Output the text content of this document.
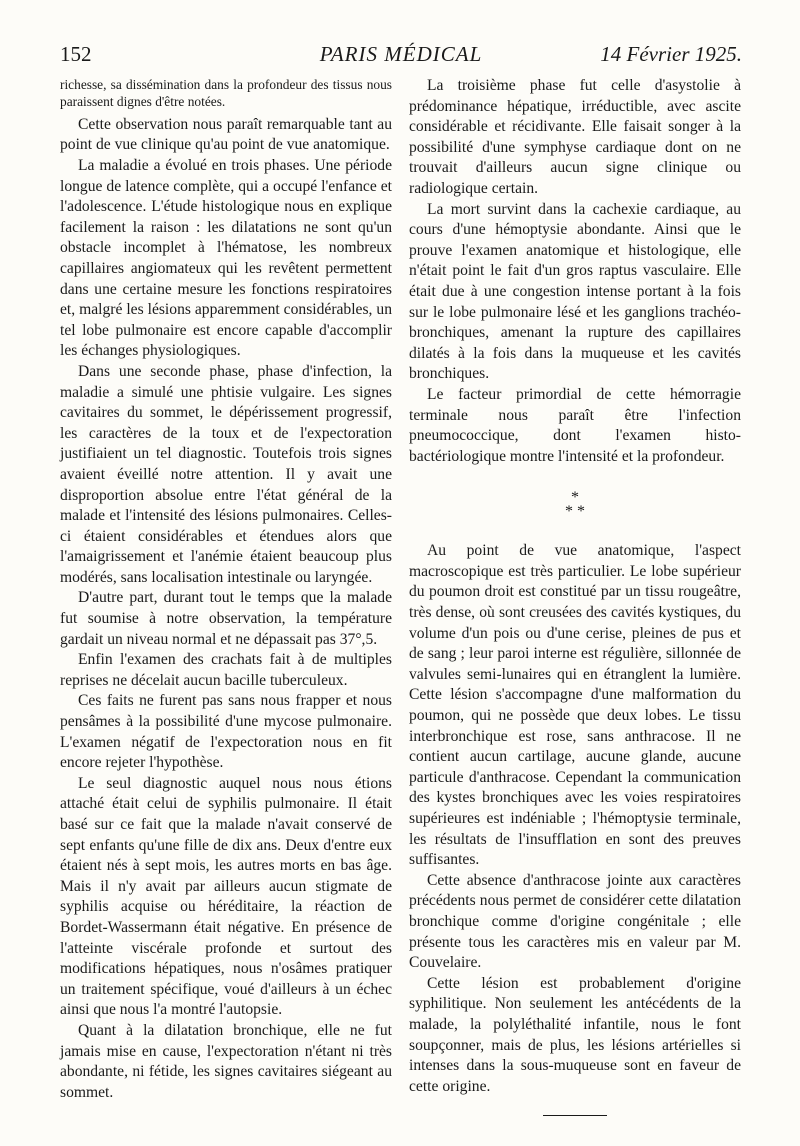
152	PARIS MÉDICAL	14 Février 1925.

richesse, sa dissémination dans la profondeur des tissus nous paraissent dignes d'être notées.

Cette observation nous paraît remarquable tant au point de vue clinique qu'au point de vue anatomique.

La maladie a évolué en trois phases. Une période longue de latence complète, qui a occupé l'enfance et l'adolescence. L'étude histologique nous en explique facilement la raison : les dilatations ne sont qu'un obstacle incomplet à l'hématose, les nombreux capillaires angiomateux qui les revêtent permettent dans une certaine mesure les fonctions respiratoires et, malgré les lésions apparemment considérables, un tel lobe pulmonaire est encore capable d'accomplir les échanges physiologiques.

Dans une seconde phase, phase d'infection, la maladie a simulé une phtisie vulgaire. Les signes cavitaires du sommet, le dépérissement progressif, les caractères de la toux et de l'expectoration justifiaient un tel diagnostic. Toutefois trois signes avaient éveillé notre attention. Il y avait une disproportion absolue entre l'état général de la malade et l'intensité des lésions pulmonaires. Celles-ci étaient considérables et étendues alors que l'amaigrissement et l'anémie étaient beaucoup plus modérés, sans localisation intestinale ou laryngée.

D'autre part, durant tout le temps que la malade fut soumise à notre observation, la température gardait un niveau normal et ne dépassait pas 37°,5.

Enfin l'examen des crachats fait à de multiples reprises ne décelait aucun bacille tuberculeux.

Ces faits ne furent pas sans nous frapper et nous pensâmes à la possibilité d'une mycose pulmonaire. L'examen négatif de l'expectoration nous en fit encore rejeter l'hypothèse.

Le seul diagnostic auquel nous nous étions attaché était celui de syphilis pulmonaire. Il était basé sur ce fait que la malade n'avait conservé de sept enfants qu'une fille de dix ans. Deux d'entre eux étaient nés à sept mois, les autres morts en bas âge. Mais il n'y avait par ailleurs aucun stigmate de syphilis acquise ou héréditaire, la réaction de Bordet-Wassermann était négative. En présence de l'atteinte viscérale profonde et surtout des modifications hépatiques, nous n'osâmes pratiquer un traitement spécifique, voué d'ailleurs à un échec ainsi que nous l'a montré l'autopsie.

Quant à la dilatation bronchique, elle ne fut jamais mise en cause, l'expectoration n'étant ni très abondante, ni fétide, les signes cavitaires siégeant au sommet.

La troisième phase fut celle d'asystolie à prédominance hépatique, irréductible, avec ascite considérable et récidivante. Elle faisait songer à la possibilité d'une symphyse cardiaque dont on ne trouvait d'ailleurs aucun signe clinique ou radiologique certain.

La mort survint dans la cachexie cardiaque, au cours d'une hémoptysie abondante. Ainsi que le prouve l'examen anatomique et histologique, elle n'était point le fait d'un gros raptus vasculaire. Elle était due à une congestion intense portant à la fois sur le lobe pulmonaire lésé et les ganglions trachéo-bronchiques, amenant la rupture des capillaires dilatés à la fois dans la muqueuse et les cavités bronchiques.

Le facteur primordial de cette hémorragie terminale nous paraît être l'infection pneumococcique, dont l'examen histo-bactériologique montre l'intensité et la profondeur.

*
* *

Au point de vue anatomique, l'aspect macroscopique est très particulier. Le lobe supérieur du poumon droit est constitué par un tissu rougeâtre, très dense, où sont creusées des cavités kystiques, du volume d'un pois ou d'une cerise, pleines de pus et de sang ; leur paroi interne est régulière, sillonnée de valvules semi-lunaires qui en étranglent la lumière. Cette lésion s'accompagne d'une malformation du poumon, qui ne possède que deux lobes. Le tissu interbronchique est rose, sans anthracose. Il ne contient aucun cartilage, aucune glande, aucune particule d'anthracose. Cependant la communication des kystes bronchiques avec les voies respiratoires supérieures est indéniable ; l'hémoptysie terminale, les résultats de l'insufflation en sont des preuves suffisantes.

Cette absence d'anthracose jointe aux caractères précédents nous permet de considérer cette dilatation bronchique comme d'origine congénitale ; elle présente tous les caractères mis en valeur par M. Couvelaire.

Cette lésion est probablement d'origine syphilitique. Non seulement les antécédents de la malade, la polyléthalité infantile, nous le font soupçonner, mais de plus, les lésions artérielles si intenses dans la sous-muqueuse sont en faveur de cette origine.
